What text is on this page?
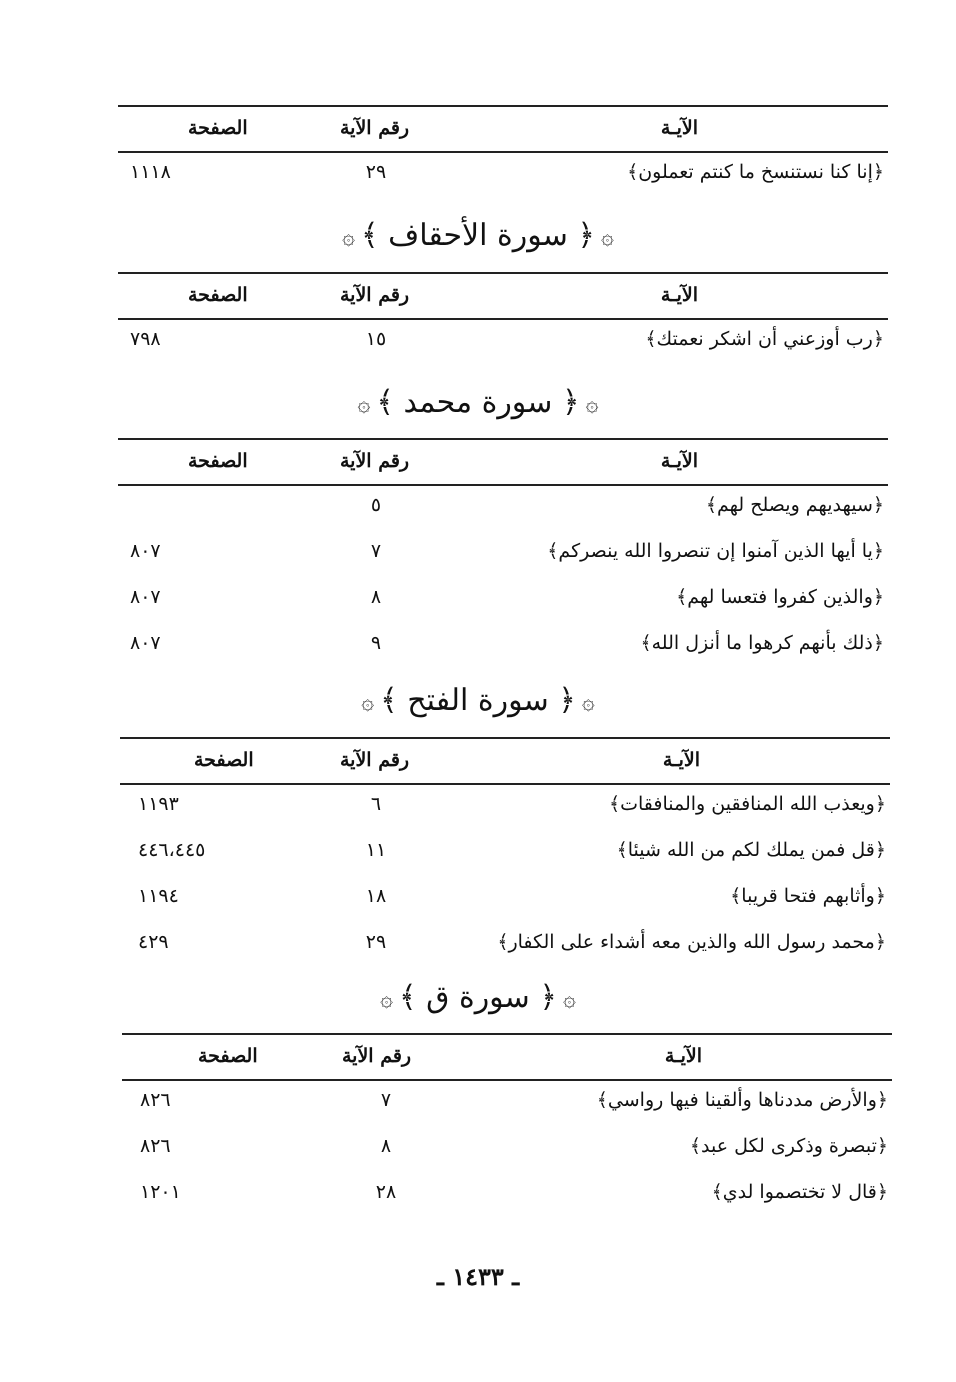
الآيـة
رقم الآية
الصفحة
﴿إنا كنا نستنسخ ما كنتم تعملون﴾
٢٩
١١١٨
۞﴿ سورة الأحقاف ﴾۞
الآيـة
رقم الآية
الصفحة
﴿رب أوزعني أن اشكر نعمتك﴾
١٥
٧٩٨
۞﴿ سورة محمد ﴾۞
الآيـة
رقم الآية
الصفحة
﴿سيهديهم ويصلح لهم﴾
٥
﴿يا أيها الذين آمنوا إن تنصروا الله ينصركم﴾
٧
٨٠٧
﴿والذين كفروا فتعسا لهم﴾
٨
٨٠٧
﴿ذلك بأنهم كرهوا ما أنزل الله﴾
٩
٨٠٧
۞﴿ سورة الفتح ﴾۞
الآيـة
رقم الآية
الصفحة
﴿ويعذب الله المنافقين والمنافقات﴾
٦
١١٩٣
﴿قل فمن يملك لكم من الله شيئا﴾
١١
٤٤٦،٤٤٥
﴿وأثابهم فتحا قريبا﴾
١٨
١١٩٤
﴿محمد رسول الله والذين معه أشداء على الكفار﴾
٢٩
٤٢٩
۞﴿ سورة ق ﴾۞
الآيـة
رقم الآية
الصفحة
﴿والأرض مددناها وألقينا فيها رواسي﴾
٧
٨٢٦
﴿تبصرة وذكرى لكل عبد﴾
٨
٨٢٦
﴿قال لا تختصموا لدي﴾
٢٨
١٢٠١
ـ ١٤٣٣ ـ
